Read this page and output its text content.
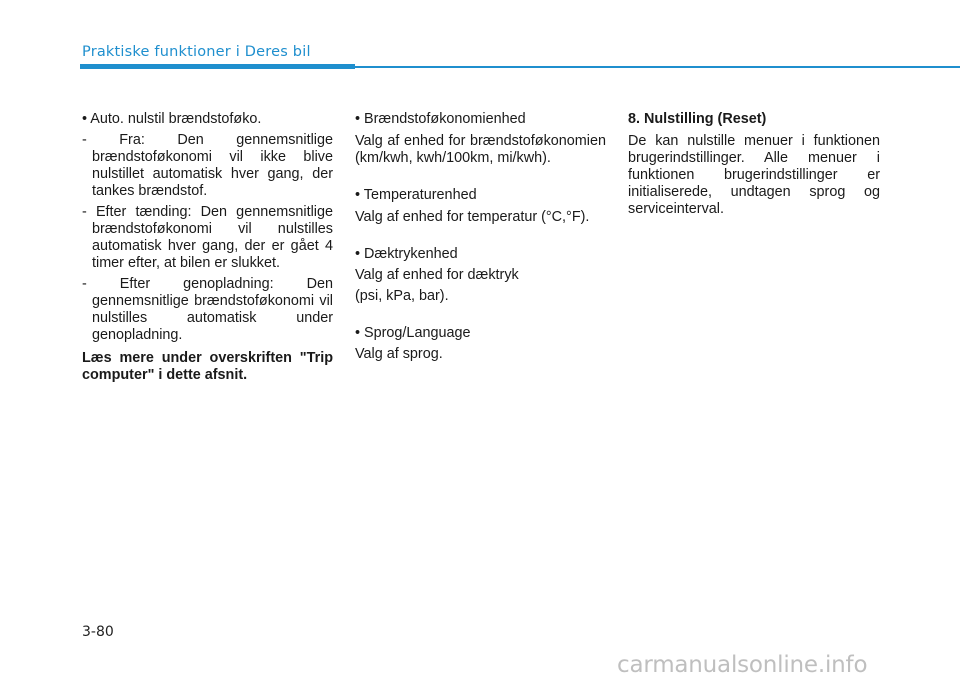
Praktiske funktioner i Deres bil

• Auto. nulstil brændstoføko.

- Fra: Den gennemsnitlige brændstoføkonomi vil ikke blive nulstillet automatisk hver gang, der tankes brændstof.

- Efter tænding: Den gennemsnitlige brændstoføkonomi vil nulstilles automatisk hver gang, der er gået 4 timer efter, at bilen er slukket.

- Efter genopladning: Den gennemsnitlige brændstoføkonomi vil nulstilles automatisk under genopladning.

Læs mere under overskriften "Trip computer" i dette afsnit.

• Brændstoføkonomienhed

Valg af enhed for brændstoføkonomien (km/kwh, kwh/100km, mi/kwh).

• Temperaturenhed

Valg af enhed for temperatur (°C,°F).

• Dæktrykenhed

Valg af enhed for dæktryk

(psi, kPa, bar).

• Sprog/Language

Valg af sprog.

8. Nulstilling (Reset)

De kan nulstille menuer i funktionen brugerindstillinger. Alle menuer i funktionen brugerindstillinger er initialiserede, undtagen sprog og serviceinterval.

3-80
carmanualsonline.info
